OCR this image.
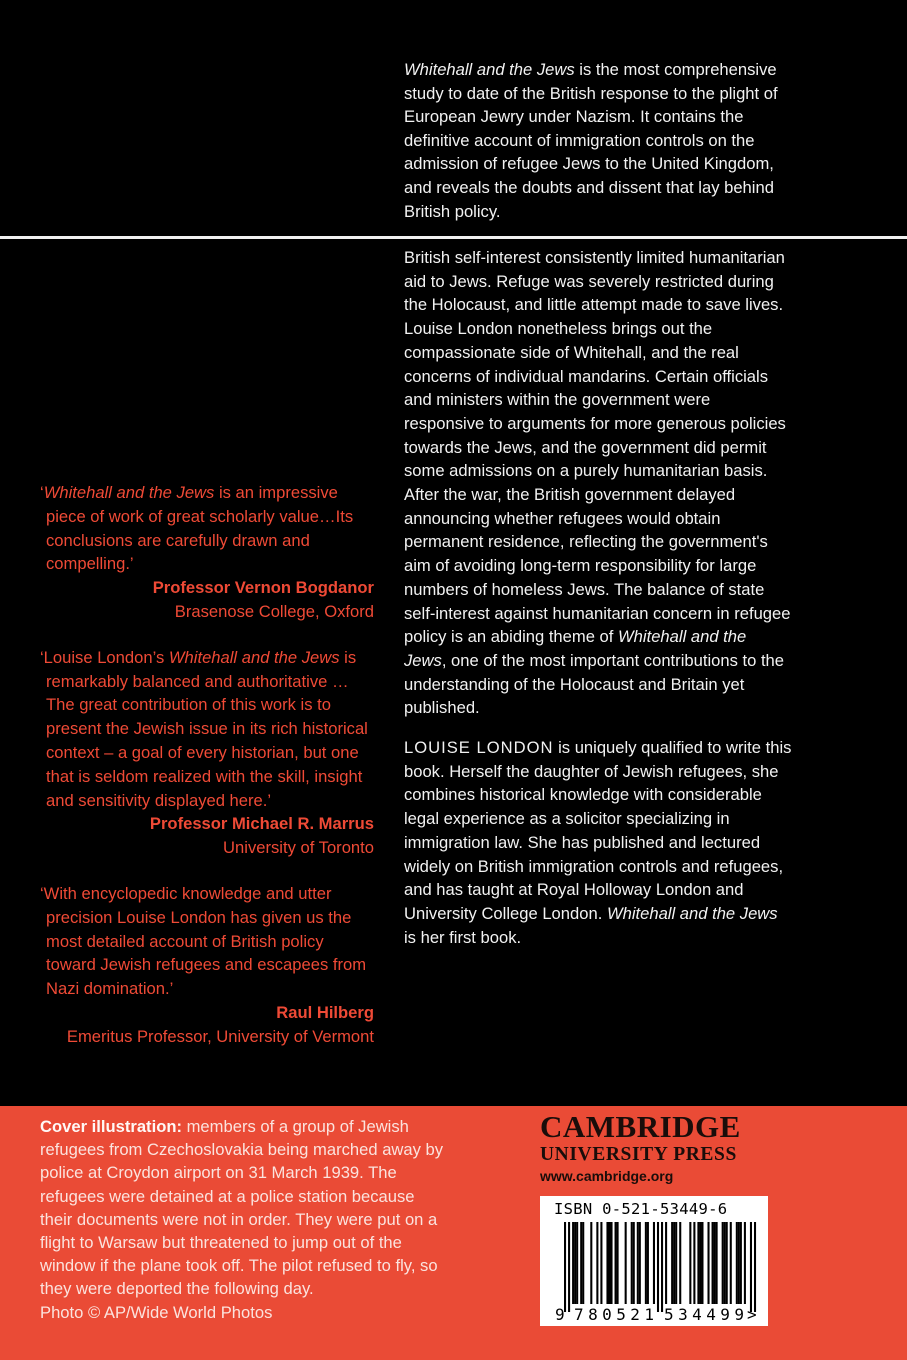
Whitehall and the Jews is the most comprehensive study to date of the British response to the plight of European Jewry under Nazism. It contains the definitive account of immigration controls on the admission of refugee Jews to the United Kingdom, and reveals the doubts and dissent that lay behind British policy.

British self-interest consistently limited humanitarian aid to Jews. Refuge was severely restricted during the Holocaust, and little attempt made to save lives. Louise London nonetheless brings out the compassionate side of Whitehall, and the real concerns of individual mandarins. Certain officials and ministers within the government were responsive to arguments for more generous policies towards the Jews, and the government did permit some admissions on a purely humanitarian basis. After the war, the British government delayed announcing whether refugees would obtain permanent residence, reflecting the government's aim of avoiding long-term responsibility for large numbers of homeless Jews. The balance of state self-interest against humanitarian concern in refugee policy is an abiding theme of Whitehall and the Jews, one of the most important contributions to the understanding of the Holocaust and Britain yet published.

LOUISE LONDON is uniquely qualified to write this book. Herself the daughter of Jewish refugees, she combines historical knowledge with considerable legal experience as a solicitor specializing in immigration law. She has published and lectured widely on British immigration controls and refugees, and has taught at Royal Holloway London and University College London. Whitehall and the Jews is her first book.

‘Whitehall and the Jews is an impressive piece of work of great scholarly value…Its conclusions are carefully drawn and compelling.’
Professor Vernon Bogdanor
Brasenose College, Oxford
‘Louise London’s Whitehall and the Jews is remarkably balanced and authoritative …The great contribution of this work is to present the Jewish issue in its rich historical context – a goal of every historian, but one that is seldom realized with the skill, insight and sensitivity displayed here.’
Professor Michael R. Marrus
University of Toronto
‘With encyclopedic knowledge and utter precision Louise London has given us the most detailed account of British policy toward Jewish refugees and escapees from Nazi domination.’
Raul Hilberg
Emeritus Professor, University of Vermont
Cover illustration: members of a group of Jewish refugees from Czechoslovakia being marched away by police at Croydon airport on 31 March 1939. The refugees were detained at a police station because their documents were not in order. They were put on a flight to Warsaw but threatened to jump out of the window if the plane took off. The pilot refused to fly, so they were deported the following day.
Photo © AP/Wide World Photos
CAMBRIDGE
UNIVERSITY PRESS
www.cambridge.org
9 780521 534499 >
ISBN 0-521-53449-6
